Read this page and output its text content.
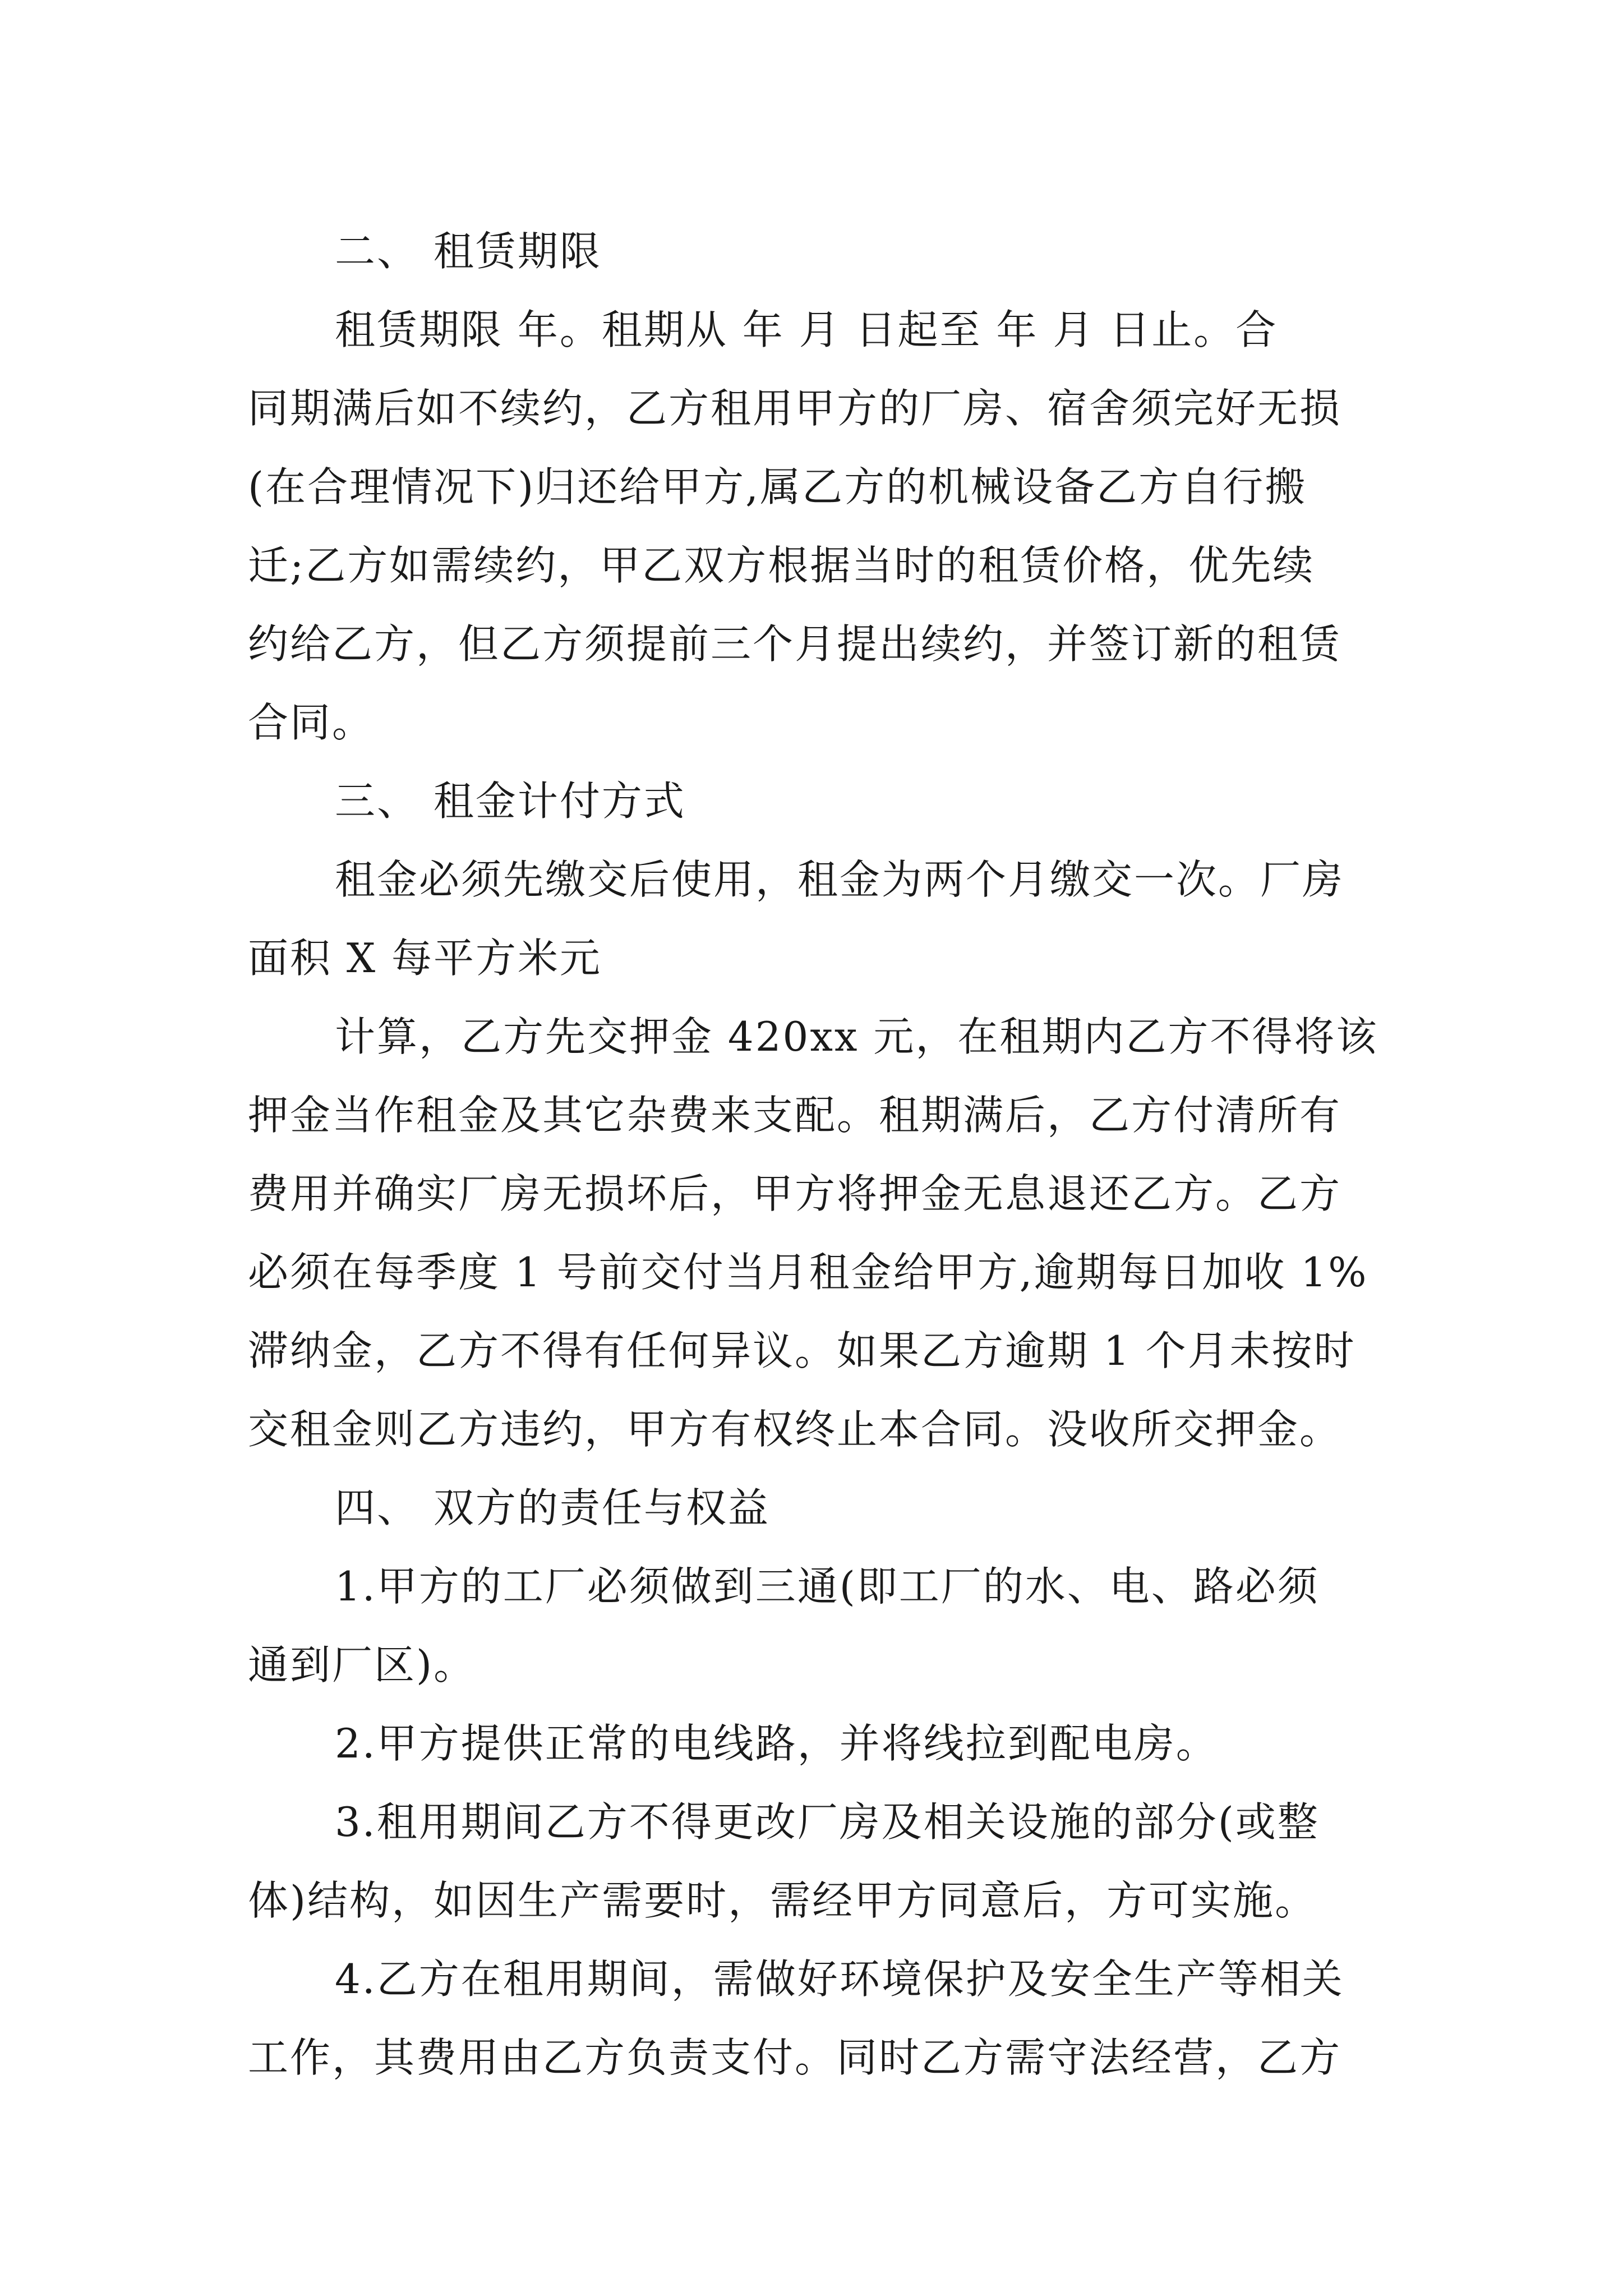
二、 租赁期限
租赁期限 年。租期从 年 月 日起至 年 月 日止。合
同期满后如不续约，乙方租用甲方的厂房、宿舍须完好无损
(在合理情况下)归还给甲方,属乙方的机械设备乙方自行搬
迁;乙方如需续约，甲乙双方根据当时的租赁价格，优先续
约给乙方，但乙方须提前三个月提出续约，并签订新的租赁
合同。
三、 租金计付方式
租金必须先缴交后使用，租金为两个月缴交一次。厂房
面积 X 每平方米元
计算，乙方先交押金 420xx 元，在租期内乙方不得将该
押金当作租金及其它杂费来支配。租期满后，乙方付清所有
费用并确实厂房无损坏后，甲方将押金无息退还乙方。乙方
必须在每季度 1 号前交付当月租金给甲方,逾期每日加收 1%
滞纳金，乙方不得有任何异议。如果乙方逾期 1 个月未按时
交租金则乙方违约，甲方有权终止本合同。没收所交押金。
四、 双方的责任与权益
1.甲方的工厂必须做到三通(即工厂的水、电、路必须
通到厂区)。
2.甲方提供正常的电线路，并将线拉到配电房。
3.租用期间乙方不得更改厂房及相关设施的部分(或整
体)结构，如因生产需要时，需经甲方同意后，方可实施。
4.乙方在租用期间，需做好环境保护及安全生产等相关
工作，其费用由乙方负责支付。同时乙方需守法经营，乙方
